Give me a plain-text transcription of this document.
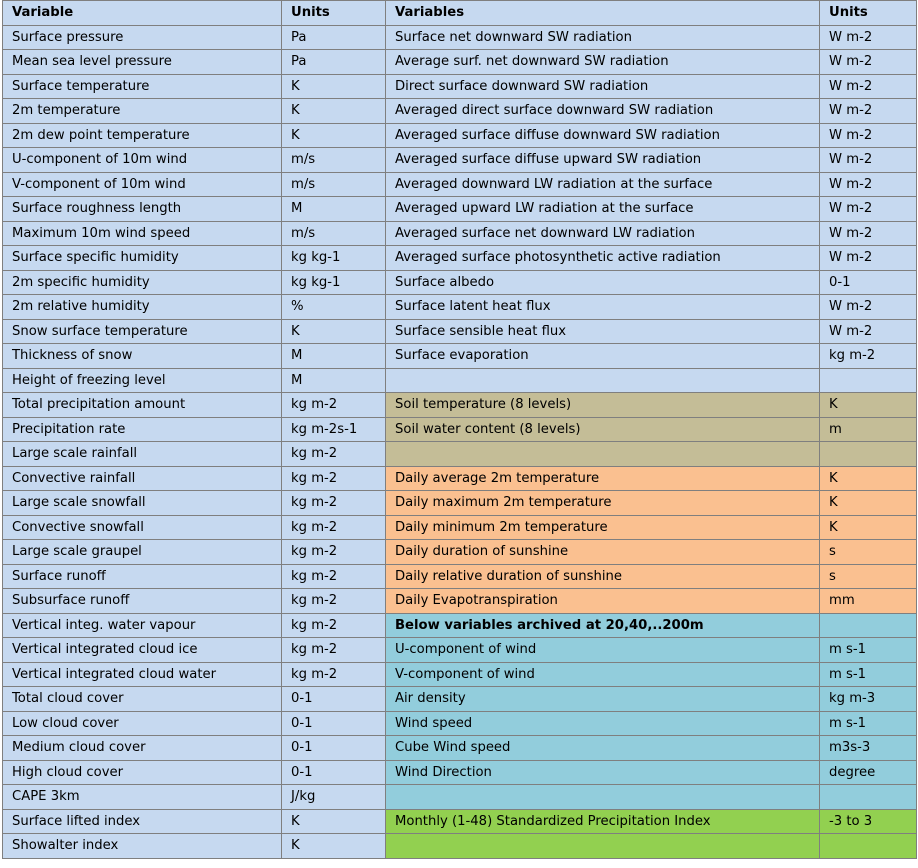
Variable	Units	Variables	Units
Surface pressure	Pa	Surface net downward SW radiation	W m-2
Mean sea level pressure	Pa	Average surf. net downward SW radiation	W m-2
Surface temperature	K	Direct surface downward SW radiation	W m-2
2m temperature	K	Averaged direct surface downward SW radiation	W m-2
2m dew point temperature	K	Averaged surface diffuse downward SW radiation	W m-2
U-component of 10m wind	m/s	Averaged surface diffuse upward SW radiation	W m-2
V-component of 10m wind	m/s	Averaged downward LW radiation at the surface	W m-2
Surface roughness length	M	Averaged upward LW radiation at the surface	W m-2
Maximum 10m wind speed	m/s	Averaged surface net downward LW radiation	W m-2
Surface specific humidity	kg kg-1	Averaged surface photosynthetic active radiation	W m-2
2m specific humidity	kg kg-1	Surface albedo	0-1
2m relative humidity	%	Surface latent heat flux	W m-2
Snow surface temperature	K	Surface sensible heat flux	W m-2
Thickness of snow	M	Surface evaporation	kg m-2
Height of freezing level	M		
Total precipitation amount	kg m-2	Soil temperature (8 levels)	K
Precipitation rate	kg m-2s-1	Soil water content (8 levels)	m
Large scale rainfall	kg m-2		
Convective rainfall	kg m-2	Daily average 2m temperature	K
Large scale snowfall	kg m-2	Daily maximum 2m temperature	K
Convective snowfall	kg m-2	Daily minimum 2m temperature	K
Large scale graupel	kg m-2	Daily duration of sunshine	s
Surface runoff	kg m-2	Daily relative duration of sunshine	s
Subsurface runoff	kg m-2	Daily Evapotranspiration	mm
Vertical integ. water vapour	kg m-2	Below variables archived at 20,40,..200m	
Vertical integrated cloud ice	kg m-2	U-component of wind	m s-1
Vertical integrated cloud water	kg m-2	V-component of wind	m s-1
Total cloud cover	0-1	Air density	kg m-3
Low cloud cover	0-1	Wind speed	m s-1
Medium cloud cover	0-1	Cube Wind speed	m3s-3
High cloud cover	0-1	Wind Direction	degree
CAPE 3km	J/kg		
Surface lifted index	K	Monthly (1-48) Standardized Precipitation Index	-3 to 3
Showalter index	K		
